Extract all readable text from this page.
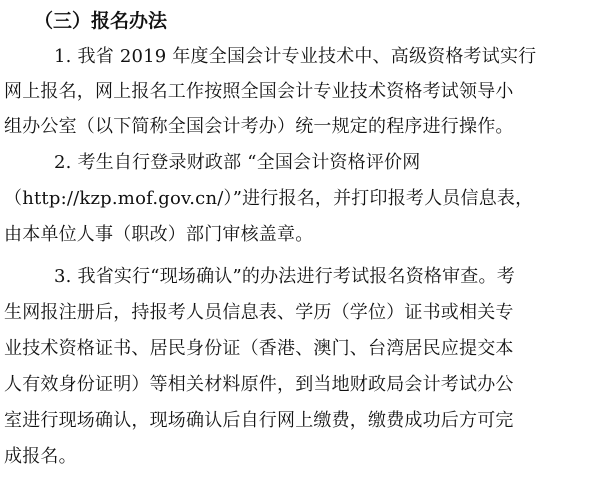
（三）报名办法
1. 我省 2019 年度全国会计专业技术中、高级资格考试实行
网上报名，网上报名工作按照全国会计专业技术资格考试领导小
组办公室（以下简称全国会计考办）统一规定的程序进行操作。
2. 考生自行登录财政部 “全国会计资格评价网
（http://kzp.mof.gov.cn/）”进行报名，并打印报考人员信息表，
由本单位人事（职改）部门审核盖章。
3. 我省实行“现场确认”的办法进行考试报名资格审查。考
生网报注册后，持报考人员信息表、学历（学位）证书或相关专
业技术资格证书、居民身份证（香港、澳门、台湾居民应提交本
人有效身份证明）等相关材料原件，到当地财政局会计考试办公
室进行现场确认，现场确认后自行网上缴费，缴费成功后方可完
成报名。
